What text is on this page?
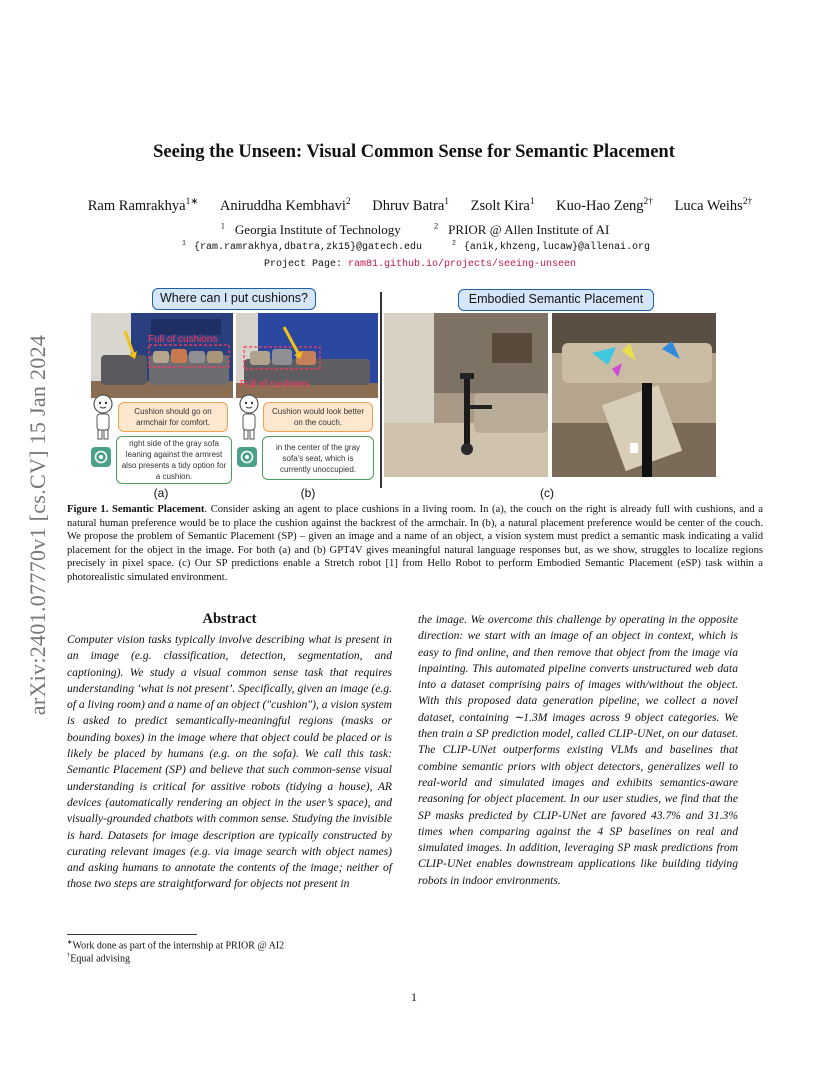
arXiv:2401.07770v1 [cs.CV] 15 Jan 2024
Seeing the Unseen: Visual Common Sense for Semantic Placement
Ram Ramrakhya$^{1∗}$ Aniruddha Kembhavi$^2$ Dhruv Batra$^1$ Zsolt Kira$^1$ Kuo-Hao Zeng$^{2\dagger}$ Luca Weihs$^{2\dagger}$
$^1$ Georgia Institute of Technology	$^2$ PRIOR @ Allen Institute of AI
$^1$ {ram.ramrakhya,dbatra,zk15}@gatech.edu	$^2$ {anik,khzeng,lucaw}@allenai.org
Project Page: ram81.github.io/projects/seeing-unseen
Where can I put cushions?	Embodied Semantic Placement
Full of cushions
Full of cushions
Cushion should go on armchair for comfort.
Cushion would look better on the couch.
right side of the gray sofa leaning against the armrest also presents a tidy option for a cushion.
in the center of the gray sofa's seat, which is currently unoccupied.
(a)	(b)	(c)
Figure 1. Semantic Placement. Consider asking an agent to place cushions in a living room. In (a), the couch on the right is already full with cushions, and a natural human preference would be to place the cushion against the backrest of the armchair. In (b), a natural placement preference would be center of the couch. We propose the problem of Semantic Placement (SP) – given an image and a name of an object, a vision system must predict a semantic mask indicating a valid placement for the object in the image. For both (a) and (b) GPT4V gives meaningful natural language responses but, as we show, struggles to localize regions precisely in pixel space. (c) Our SP predictions enable a Stretch robot [1] from Hello Robot to perform Embodied Semantic Placement (eSP) task within a photorealistic simulated environment.
Abstract
Computer vision tasks typically involve describing what is present in an image (e.g. classification, detection, segmentation, and captioning). We study a visual common sense task that requires understanding ‘what is not present’. Specifically, given an image (e.g. of a living room) and a name of an object ("cushion"), a vision system is asked to predict semantically-meaningful regions (masks or bounding boxes) in the image where that object could be placed or is likely be placed by humans (e.g. on the sofa). We call this task: Semantic Placement (SP) and believe that such common-sense visual understanding is critical for assitive robots (tidying a house), AR devices (automatically rendering an object in the user’s space), and visually-grounded chatbots with common sense. Studying the invisible is hard. Datasets for image description are typically constructed by curating relevant images (e.g. via image search with object names) and asking humans to annotate the contents of the image; neither of those two steps are straightforward for objects not present in
the image. We overcome this challenge by operating in the opposite direction: we start with an image of an object in context, which is easy to find online, and then remove that object from the image via inpainting. This automated pipeline converts unstructured web data into a dataset comprising pairs of images with/without the object. With this proposed data generation pipeline, we collect a novel dataset, containing ∼1.3M images across 9 object categories. We then train a SP prediction model, called CLIP-UNet, on our dataset. The CLIP-UNet outperforms existing VLMs and baselines that combine semantic priors with object detectors, generalizes well to real-world and simulated images and exhibits semantics-aware reasoning for object placement. In our user studies, we find that the SP masks predicted by CLIP-UNet are favored 43.7% and 31.3% times when comparing against the 4 SP baselines on real and simulated images. In addition, leveraging SP mask predictions from CLIP-UNet enables downstream applications like building tidying robots in indoor environments.
∗Work done as part of the internship at PRIOR @ AI2
†Equal advising
1
